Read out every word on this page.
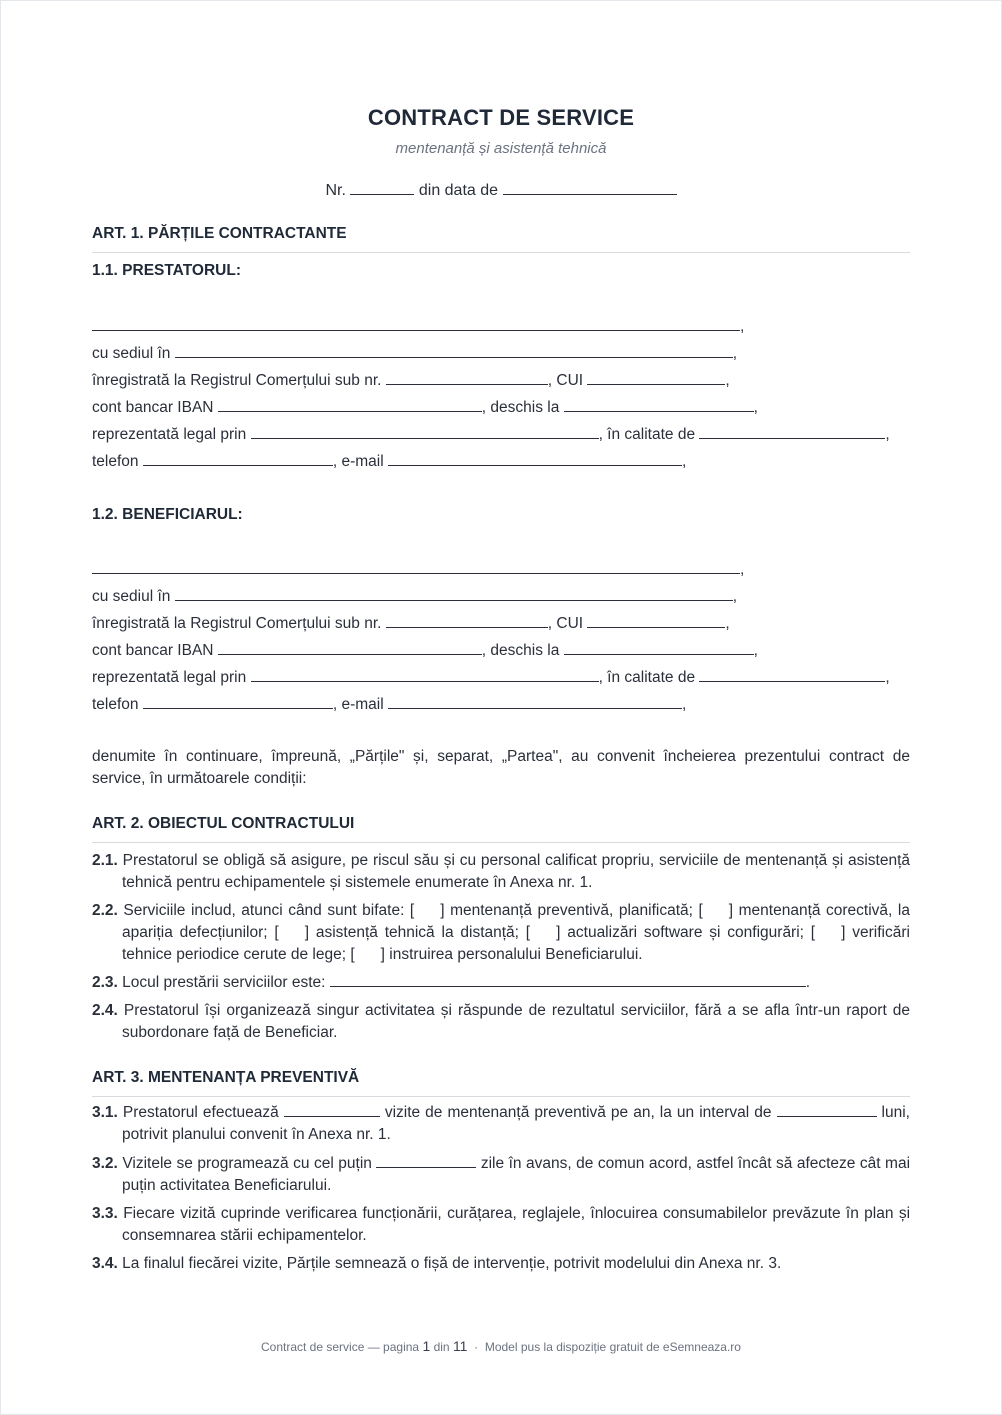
CONTRACT DE SERVICE
mentenanță și asistență tehnică
Nr.	din data de
ART. 1. PĂRȚILE CONTRACTANTE
1.1. PRESTATORUL:
,
cu sediul în	,
înregistrată la Registrul Comerțului sub nr.	, CUI	,
cont bancar IBAN	, deschis la	,
reprezentată legal prin	, în calitate de	,
telefon	, e-mail	,
1.2. BENEFICIARUL:
,
cu sediul în	,
înregistrată la Registrul Comerțului sub nr.	, CUI	,
cont bancar IBAN	, deschis la	,
reprezentată legal prin	, în calitate de	,
telefon	, e-mail	,
denumite în continuare, împreună, „Părțile" și, separat, „Partea", au convenit încheierea prezentului contract de service, în următoarele condiții:
ART. 2. OBIECTUL CONTRACTULUI
2.1. Prestatorul se obligă să asigure, pe riscul său și cu personal calificat propriu, serviciile de mentenanță și asistență tehnică pentru echipamentele și sistemele enumerate în Anexa nr. 1.
2.2. Serviciile includ, atunci când sunt bifate: [ ] mentenanță preventivă, planificată; [ ] mentenanță corectivă, la apariția defecțiunilor; [ ] asistență tehnică la distanță; [ ] actualizări software și configurări; [ ] verificări tehnice periodice cerute de lege; [ ] instruirea personalului Beneficiarului.
2.3. Locul prestării serviciilor este:	.
2.4. Prestatorul își organizează singur activitatea și răspunde de rezultatul serviciilor, fără a se afla într-un raport de subordonare față de Beneficiar.
ART. 3. MENTENANȚA PREVENTIVĂ
3.1. Prestatorul efectuează	vizite de mentenanță preventivă pe an, la un interval de	luni, potrivit planului convenit în Anexa nr. 1.
3.2. Vizitele se programează cu cel puțin	zile în avans, de comun acord, astfel încât să afecteze cât mai puțin activitatea Beneficiarului.
3.3. Fiecare vizită cuprinde verificarea funcționării, curățarea, reglajele, înlocuirea consumabilelor prevăzute în plan și consemnarea stării echipamentelor.
3.4. La finalul fiecărei vizite, Părțile semnează o fișă de intervenție, potrivit modelului din Anexa nr. 3.
Contract de service — pagina 1 din 11 · Model pus la dispoziție gratuit de eSemneaza.ro
